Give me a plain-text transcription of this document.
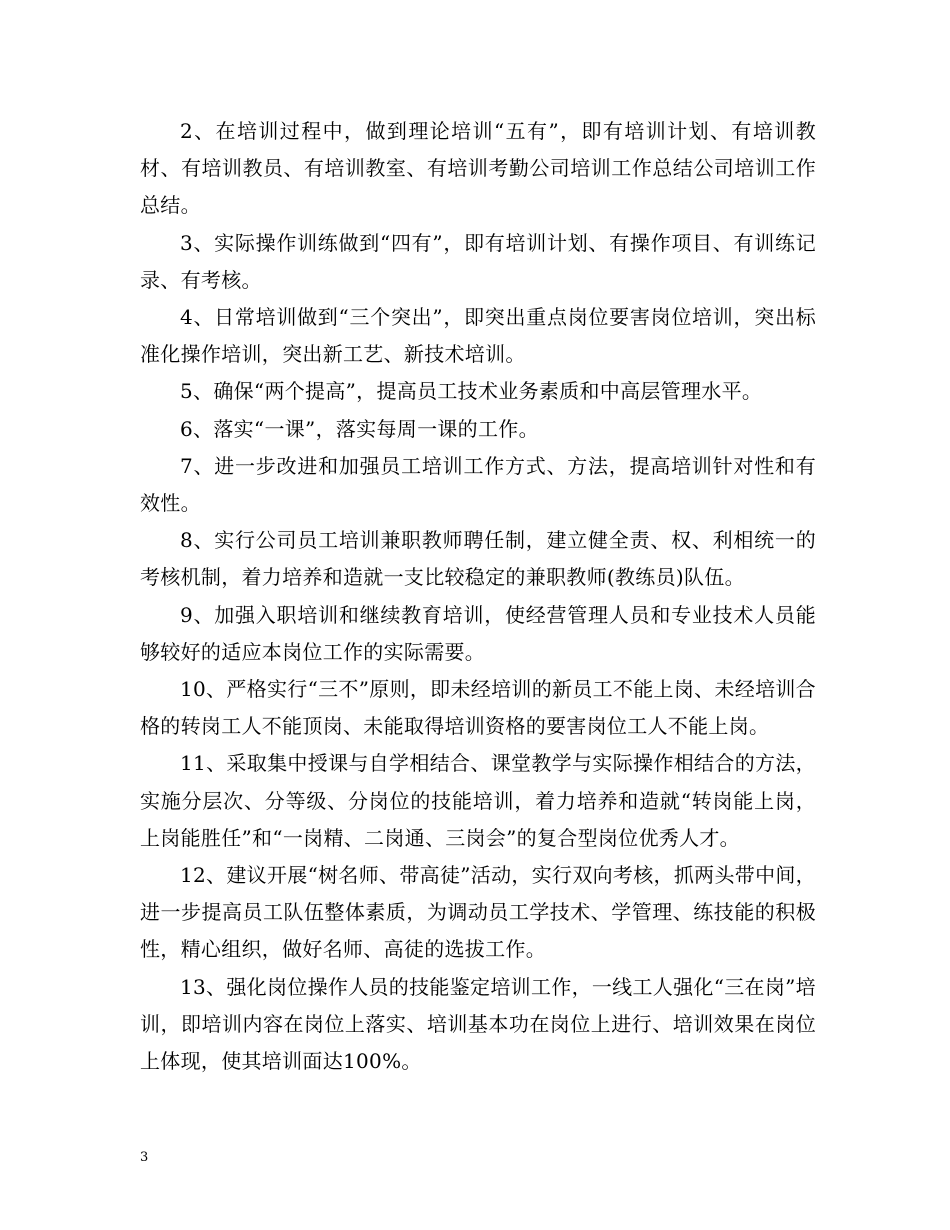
2、在培训过程中，做到理论培训“五有”，即有培训计划、有培训教材、有培训教员、有培训教室、有培训考勤公司培训工作总结公司培训工作总结。

3、实际操作训练做到“四有”，即有培训计划、有操作项目、有训练记录、有考核。

4、日常培训做到“三个突出”，即突出重点岗位要害岗位培训，突出标准化操作培训，突出新工艺、新技术培训。

5、确保“两个提高”，提高员工技术业务素质和中高层管理水平。

6、落实“一课”，落实每周一课的工作。

7、进一步改进和加强员工培训工作方式、方法，提高培训针对性和有效性。

8、实行公司员工培训兼职教师聘任制，建立健全责、权、利相统一的考核机制，着力培养和造就一支比较稳定的兼职教师(教练员)队伍。

9、加强入职培训和继续教育培训，使经营管理人员和专业技术人员能够较好的适应本岗位工作的实际需要。

10、严格实行“三不”原则，即未经培训的新员工不能上岗、未经培训合格的转岗工人不能顶岗、未能取得培训资格的要害岗位工人不能上岗。

11、采取集中授课与自学相结合、课堂教学与实际操作相结合的方法，实施分层次、分等级、分岗位的技能培训，着力培养和造就“转岗能上岗，上岗能胜任”和“一岗精、二岗通、三岗会”的复合型岗位优秀人才。

12、建议开展“树名师、带高徒”活动，实行双向考核，抓两头带中间，进一步提高员工队伍整体素质，为调动员工学技术、学管理、练技能的积极性，精心组织，做好名师、高徒的选拔工作。

13、强化岗位操作人员的技能鉴定培训工作，一线工人强化“三在岗”培训，即培训内容在岗位上落实、培训基本功在岗位上进行、培训效果在岗位上体现，使其培训面达100%。

3
